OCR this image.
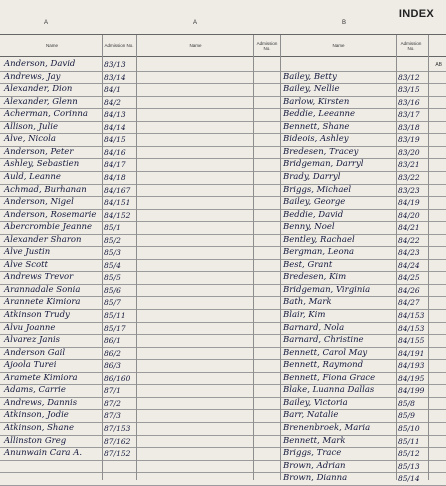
INDEX
A	A	B
Name	Admission No.	Name	Admission No.	Name	Admission No.
AB
Anderson, David	83/13
Andrews, Jay	83/14
Alexander, Dion	84/1
Alexander, Glenn	84/2
Acherman, Corinna 84/13
Allison, Julie	84/14
Alve, Nicola	84/15
Anderson, Peter	84/16
Ashley, Sebastien	84/17
Auld, Leanne	84/18
Achmad, Burhanan 84/167
Anderson, Nigel	84/151
Anderson, Rosemarie 84/152
Abercrombie Jeanne 85/1
Alexander Sharon	85/2
Alve Justin	85/3
Alve Scott	85/4
Andrews Trevor	85/5
Arannadale Sonia	85/6
Arannete Kimiora	85/7
Atkinson Trudy	85/11
Alvu Joanne	85/17
Alvarez Janis	86/1
Anderson Gail	86/2
Ajoola Turei	86/3
Aramete Kimiora	86/160
Adams, Carrie	87/1
Andrews, Dannis	87/2
Atkinson, Jodie	87/3
Atkinson, Shane	87/153
Allinston Greg	87/162
Anunwain Cara A.	87/152
Bailey, Betty	83/12
Bailey, Nellie	83/15
Barlow, Kirsten	83/16
Beddie, Leeanne	83/17
Bennett, Shane	83/18
Bideois, Ashley	83/19
Bredesen, Tracey	83/20
Bridgeman, Darryl	83/21
Brady, Darryl	83/22
Briggs, Michael	83/23
Bailey, George	84/19
Beddie, David	84/20
Benny, Noel	84/21
Bentley, Rachael	84/22
Bergman, Leona	84/23
Best, Grant	84/24
Bredesen, Kim	84/25
Bridgeman, Virginia	84/26
Bath, Mark	84/27
Blair, Kim	84/153
Barnard, Nola	84/153
Barnard, Christine	84/155
Bennett, Carol May	84/191
Bennett, Raymond	84/193
Bennett, Fiona Grace	84/195
Blake, Luanna Dallas	84/199
Bailey, Victoria	85/8
Barr, Natalie	85/9
Brenenbroek, Maria	85/10
Bennett, Mark	85/11
Briggs, Trace	85/12
Brown, Adrian	85/13
Brown, Dianna	85/14
